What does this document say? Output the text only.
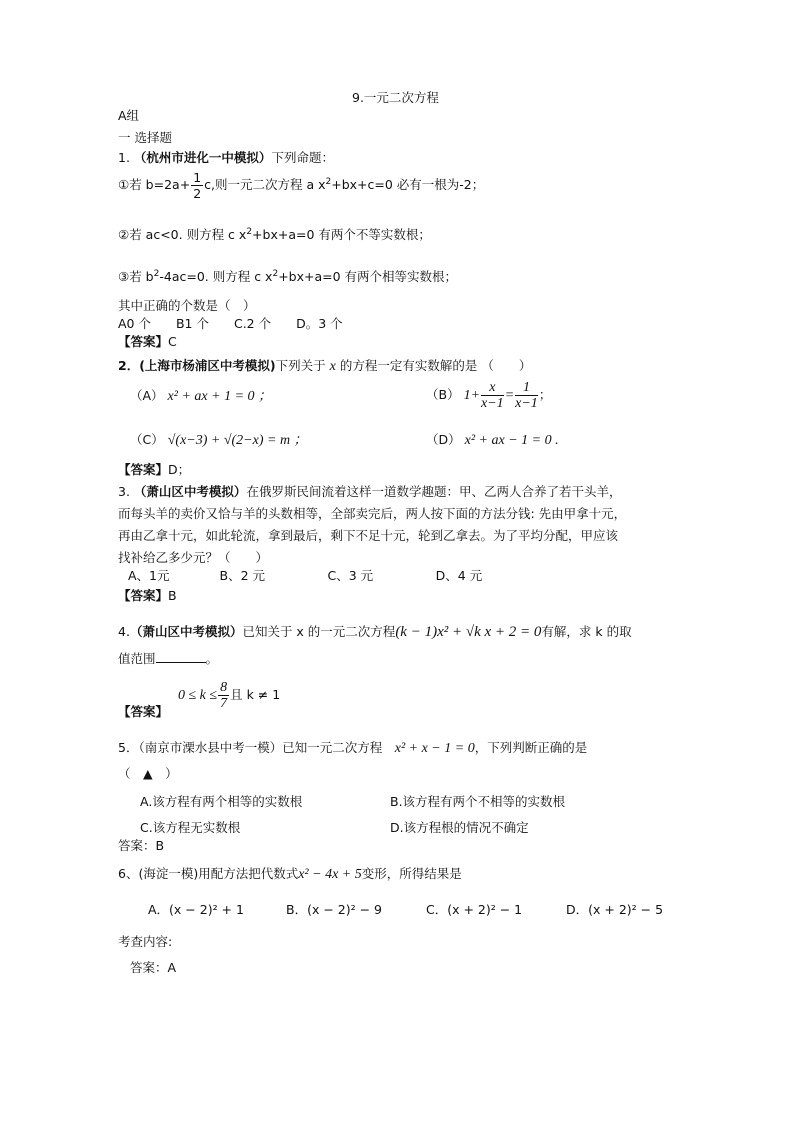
9.一元二次方程
A组
一 选择题
1. （杭州市进化一中模拟）下列命题：
①若 $b=2a+ \frac{1}{2} c$,则一元二次方程 a $x^2+bx+c=0$ 必有一根为-2；
②若 ac<0. 则方程 c $x^2+bx+a=0$ 有两个不等实数根；
③若 $b^2-4ac=0$. 则方程 c $x^2+bx+a=0$ 有两个相等实数根；
其中正确的个数是（　）
A0 个　　B1 个　　C.2 个　　D。3 个
【答案】C
2．(上海市杨浦区中考模拟)下列关于 x 的方程一定有实数解的是 （　　）
（A） x² + ax + 1 = 0 ；	（B） $1+ \frac{x}{x-1} = \frac{1}{x-1}$ ；
（C） √(x−3) + √(2−x) = m ；	（D） x² + ax − 1 = 0 .
【答案】D；
3. （萧山区中考模拟）在俄罗斯民间流着这样一道数学趣题：甲、乙两人合养了若干头羊，
而每头羊的卖价又恰与羊的头数相等，全部卖完后，两人按下面的方法分钱: 先由甲拿十元，
再由乙拿十元，如此轮流，拿到最后，剩下不足十元，轮到乙拿去。为了平均分配，甲应该
找补给乙多少元？（　　）
A、1元　　　　B、2 元　　　　　C、3 元　　　　　D、4 元
【答案】B
4.（萧山区中考模拟）已知关于 x 的一元二次方程(k − 1)x² + √k x + 2 = 0有解，求 k 的取
值范围	。
$0 \le k \le \frac{8}{7}$ 且 k ≠ 1
【答案】
5．（南京市溧水县中考一模）已知一元二次方程　 x² + x − 1 = 0，下列判断正确的是
（　▲　）
A.该方程有两个相等的实数根	B.该方程有两个不相等的实数根
C.该方程无实数根	D.该方程根的情况不确定
答案：B
6、(海淀一模)用配方法把代数式x² − 4x + 5变形，所得结果是
A．(x − 2)² + 1	B．(x − 2)² − 9	C．(x + 2)² − 1	D．(x + 2)² − 5
考查内容:
答案：A
